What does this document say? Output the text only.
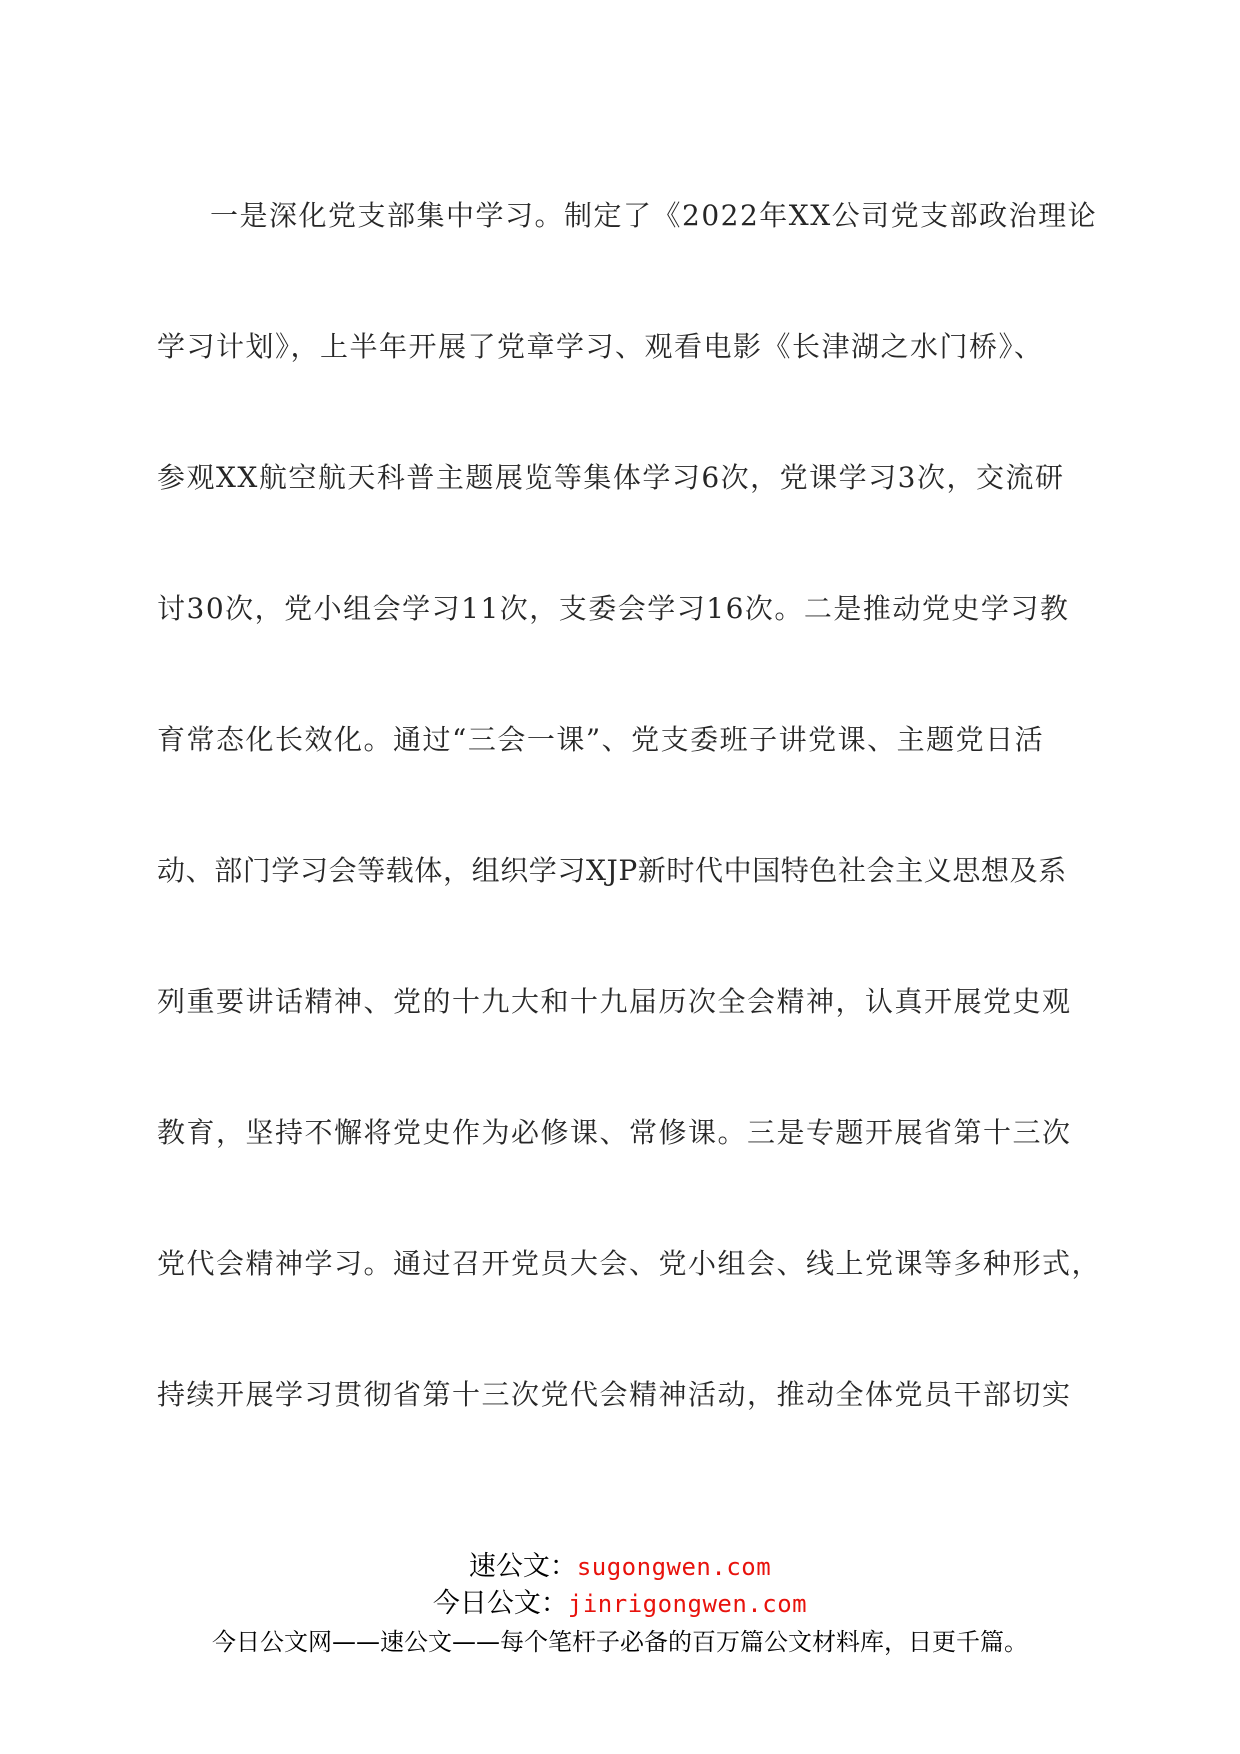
一是深化党支部集中学习。制定了《2022年XX公司党支部政治理论
学习计划》，上半年开展了党章学习、观看电影《长津湖之水门桥》、
参观XX航空航天科普主题展览等集体学习6次，党课学习3次，交流研
讨30次，党小组会学习11次，支委会学习16次。二是推动党史学习教
育常态化长效化。通过“三会一课”、党支委班子讲党课、主题党日活
动、部门学习会等载体，组织学习XJP新时代中国特色社会主义思想及系
列重要讲话精神、党的十九大和十九届历次全会精神，认真开展党史观
教育，坚持不懈将党史作为必修课、常修课。三是专题开展省第十三次
党代会精神学习。通过召开党员大会、党小组会、线上党课等多种形式，
持续开展学习贯彻省第十三次党代会精神活动，推动全体党员干部切实
速公文：sugongwen.com
今日公文：jinrigongwen.com
今日公文网——速公文——每个笔杆子必备的百万篇公文材料库，日更千篇。
